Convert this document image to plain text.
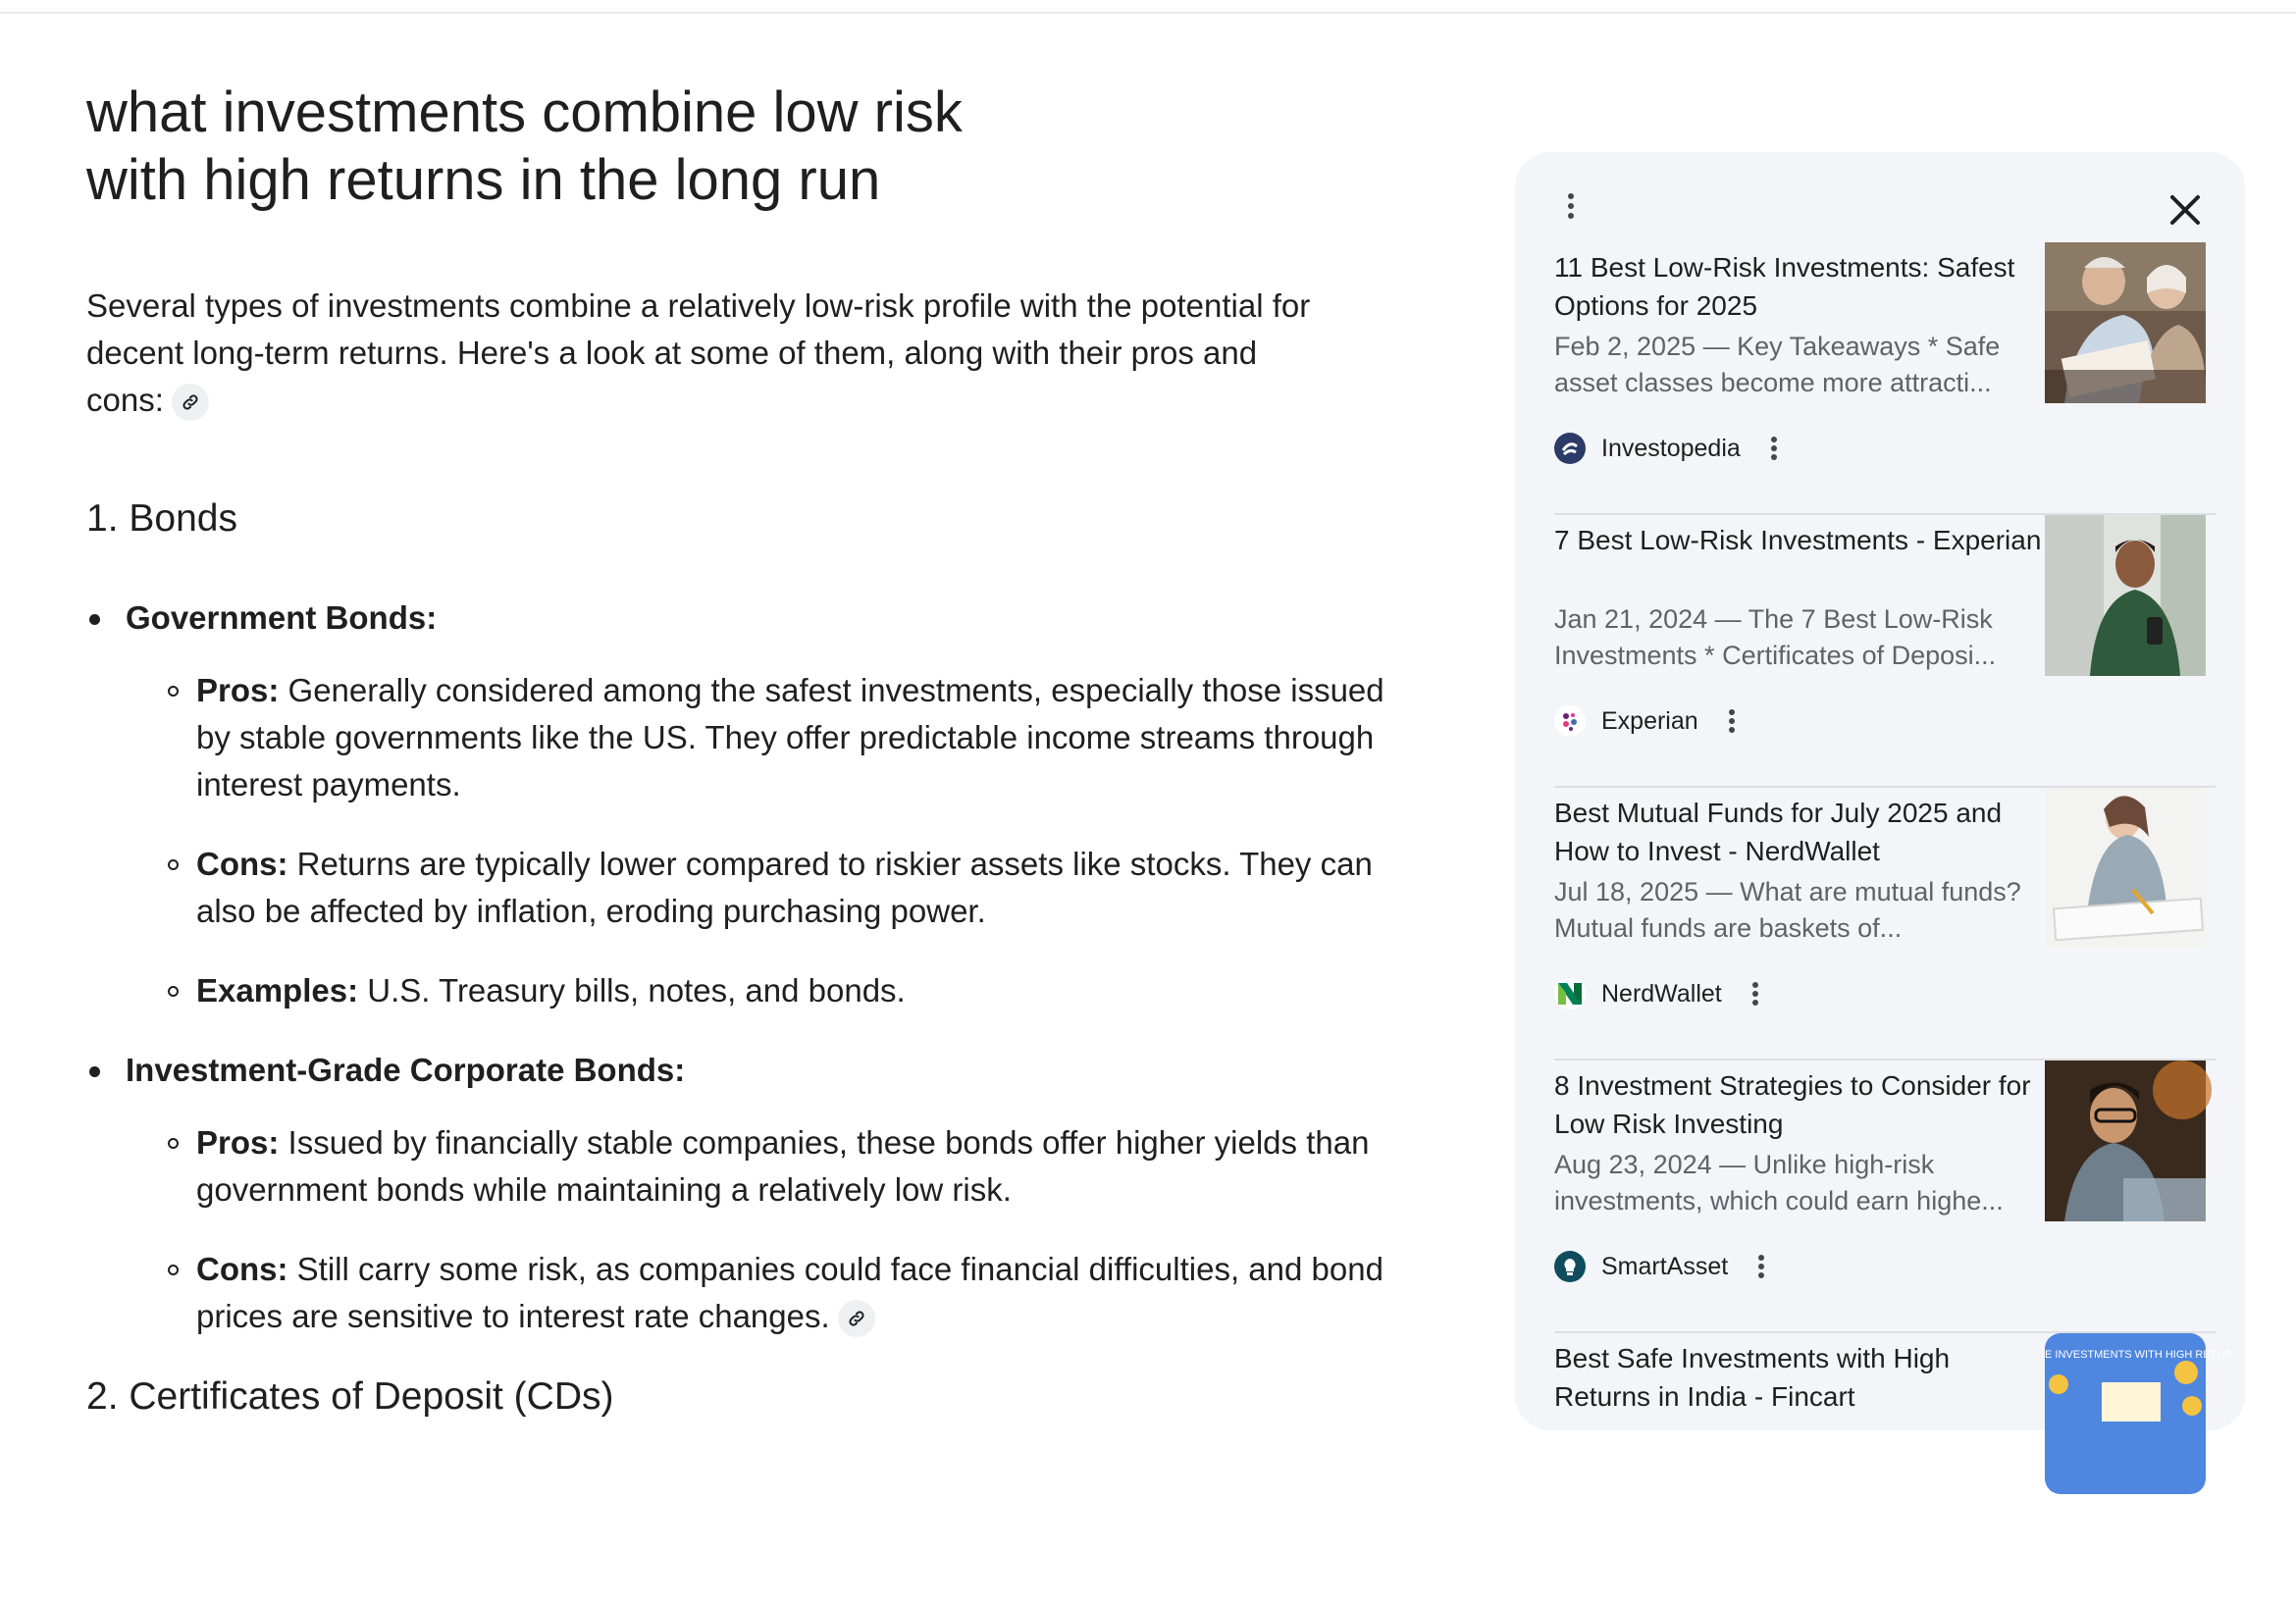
what investments combine low risk with high returns in the long run
Several types of investments combine a relatively low-risk profile with the potential for decent long-term returns. Here's a look at some of them, along with their pros and cons:
1. Bonds
Government Bonds:
Pros: Generally considered among the safest investments, especially those issued by stable governments like the US. They offer predictable income streams through interest payments.
Cons: Returns are typically lower compared to riskier assets like stocks. They can also be affected by inflation, eroding purchasing power.
Examples: U.S. Treasury bills, notes, and bonds.
Investment-Grade Corporate Bonds:
Pros: Issued by financially stable companies, these bonds offer higher yields than government bonds while maintaining a relatively low risk.
Cons: Still carry some risk, as companies could face financial difficulties, and bond prices are sensitive to interest rate changes.
2. Certificates of Deposit (CDs)
11 Best Low-Risk Investments: Safest Options for 2025
Feb 2, 2025 — Key Takeaways * Safe asset classes become more attracti...
Investopedia
7 Best Low-Risk Investments - Experian
Jan 21, 2024 — The 7 Best Low-Risk Investments * Certificates of Deposi...
Experian
Best Mutual Funds for July 2025 and How to Invest - NerdWallet
Jul 18, 2025 — What are mutual funds? Mutual funds are baskets of...
NerdWallet
8 Investment Strategies to Consider for Low Risk Investing
Aug 23, 2024 — Unlike high-risk investments, which could earn highe...
SmartAsset
Best Safe Investments with High Returns in India - Fincart
E INVESTMENTS WITH HIGH RETUR
